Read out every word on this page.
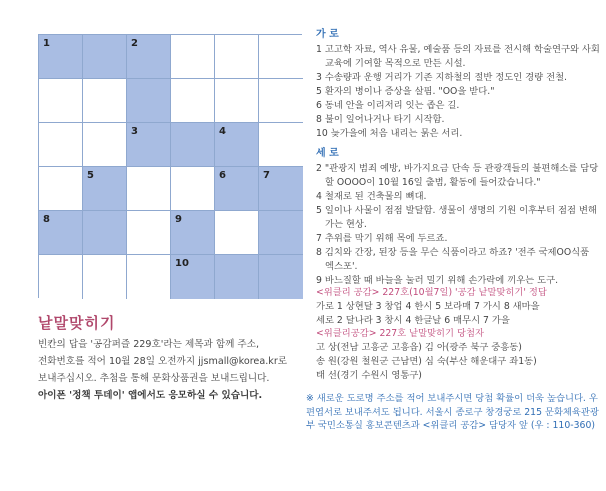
1	2
3	4
5	6	7
8	9
10
낱말맞히기

빈칸의 답을 '공감퍼즐 229호'라는 제목과 함께 주소,
전화번호를 적어 10월 28일 오전까지 jjsmall@korea.kr로
보내주십시오. 추첨을 통해 문화상품권을 보내드립니다.
아이폰 '정책 투데이' 앱에서도 응모하실 수 있습니다.

가 로
1 고고학 자료, 역사 유물, 예술품 등의 자료를 전시해 학술연구와 사회 교육에 기여할 목적으로 만든 시설.
3 수송량과 운행 거리가 기존 지하철의 절반 정도인 경량 전철.
5 환자의 병이나 증상을 살핌. "OO을 받다."
6 동네 안을 이리저리 잇는 좁은 길.
8 불이 일어나거나 타기 시작함.
10 늦가을에 처음 내리는 묽은 서리.
세 로
2 "관광지 범죄 예방, 바가지요금 단속 등 관광객들의 불편해소를 담당할 OOOO이 10월 16일 출범, 활동에 들어갔습니다."
4 철재로 된 건축물의 뼈대.
5 일이나 사물이 점점 발달함. 생물이 생명의 기원 이후부터 점점 변해 가는 현상.
7 추위를 막기 위해 목에 두르죠.
8 김치와 간장, 된장 등을 무슨 식품이라고 하죠? '전주 국제OO식품 엑스포'.
9 바느질할 때 바늘을 눌러 밀기 위해 손가락에 끼우는 도구.
<위클리 공감> 227호(10월7일) '공감 낱말맞히기' 정답
가로 1 상현달 3 창업 4 한시 5 보라매 7 가시 8 새마을
세로 2 달나라 3 창시 4 한글날 6 매무시 7 가을
<위클리공감> 227호 낱말맞히기 당첨자
고 상(전남 고흥군 고흥읍) 김 아(광주 북구 중흥동)
송 원(강원 철원군 근남면) 심 숙(부산 해운대구 좌1동)
태 선(경기 수원시 영통구)

※ 새로운 도로명 주소를 적어 보내주시면 당첨 확률이 더욱 높습니다. 우편엽서로 보내주셔도 됩니다. 서울시 종로구 창경궁로 215 문화체육관광부 국민소통실 홍보콘텐츠과 <위클리 공감> 담당자 앞 (우 : 110-360)
